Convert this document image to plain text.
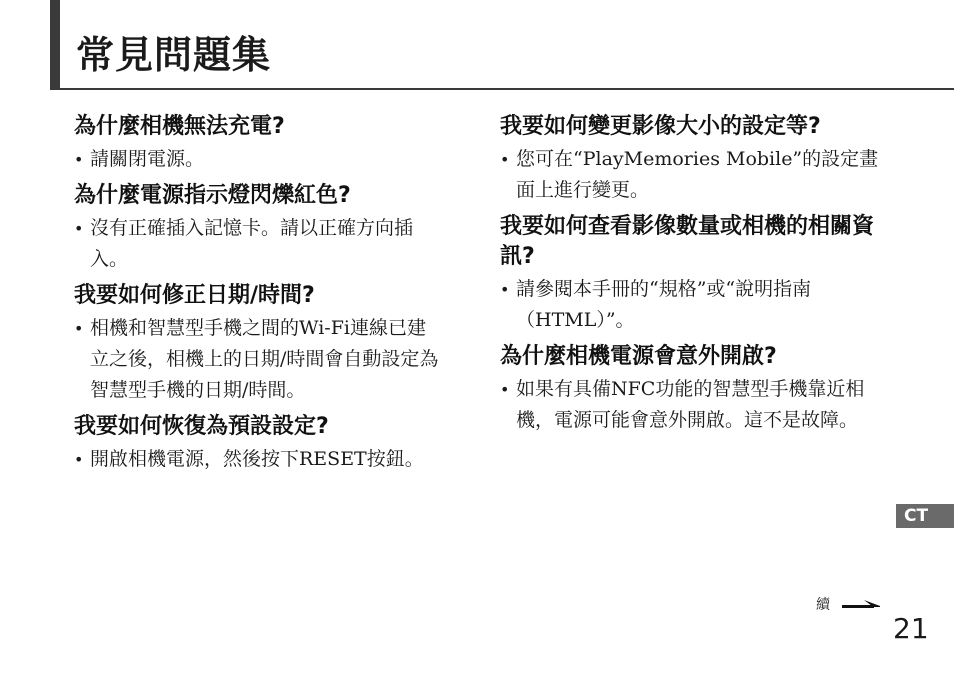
常見問題集

為什麼相機無法充電?

• 請關閉電源。

為什麼電源指示燈閃爍紅色?

• 沒有正確插入記憶卡。請以正確方向插入。

我要如何修正日期/時間?

• 相機和智慧型手機之間的Wi-Fi連線已建立之後，相機上的日期/時間會自動設定為智慧型手機的日期/時間。

我要如何恢復為預設設定?

• 開啟相機電源，然後按下RESET按鈕。

我要如何變更影像大小的設定等?

• 您可在“PlayMemories Mobile”的設定畫面上進行變更。

我要如何查看影像數量或相機的相關資訊?

• 請參閱本手冊的“規格”或“說明指南（HTML）”。

為什麼相機電源會意外開啟?

• 如果有具備NFC功能的智慧型手機靠近相機，電源可能會意外開啟。這不是故障。
CT
續
21
